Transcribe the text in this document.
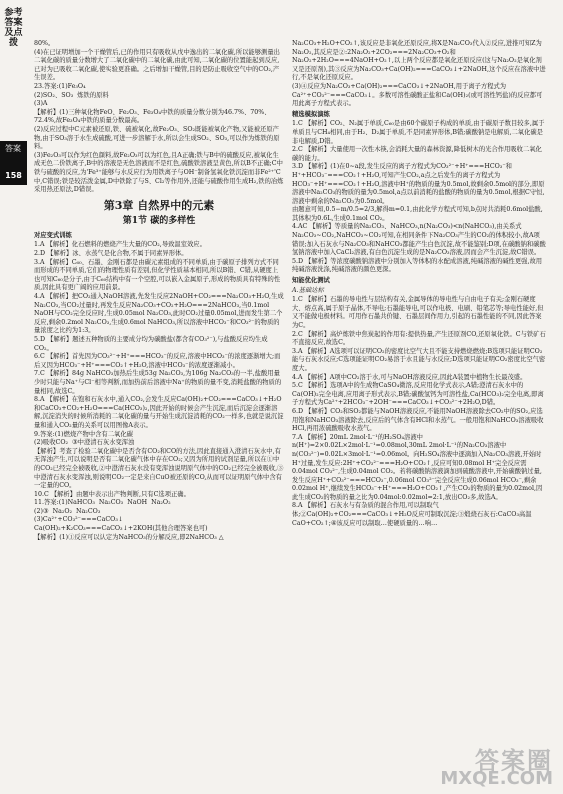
参考答案及点拨
答案
158

80%。

(4)在已证明增加一个干燥管后,已的作用只有吸收从戊中逸出的二氧化碳,所以能够测量出二氧化碳的质量分数增大了二氧化碳中的二氧化碳,由此可知,二氧化碳的位置能起到反应,已对为已吸收二氧化碳,使实验更准确。之后增加干燥管,目的是防止吸收空气中的CO₂,产生误差。

23.答案:(1)Fe₃O₄

(2)SO₂、SO₃  炼铁的原料

(3)A

【解析】(1)三种氧化物FeO、Fe₂O₃、Fe₃O₄中铁的质量分数分别为46.7%、70%、72.4%,故Fe₃O₄中铁的质量分数最高。

(2)反应过程中C元素被还原,铁、硫被氧化,故Fe₂O₃、SO₂既能被氧化产物,又能被还原产物,由于SO₃溶于水生成硫酸,可进一步溶解于水,所以会生成SO₂、SO₃,可以作为炼铁的原料。

(3)Fe₂O₃可以作为红色颜料,故Fe₂O₃可以为红色,且A正确;铁与B中的硫酸反应,被氧化生成无色二价铁离子,B中的溶液是无色溶液而不是红色,硫酸铁溶液呈黄色,所以B不正确;C中铁与硫酸的反应,为'Fe³⁺能够与水反应行为用铁离子与OH⁻制备氢氧化铁沉淀而非Fe²⁺'C中,C错误;铁是较活泼金属,D中铁除了与S、Cl₂等作用外,还能与硫酸作用生成H₂,铁的冶炼采用热还原法,D错误。

第3章 自然界中的元素
第1节 碳的多样性
对应变式训练

1.A 【解析】化石燃料的燃烧产生大量的CO₂,导致温室效应。

2.D 【解析】冰、水蒸气是化合物,不属于同素异形体。

3.A 【解析】C₆₀、石墨、金刚石都是由碳元素组成的不同单质,由于碳原子排列方式不同而形成的不同单质,它们的物理性质有差别,但化学性质基本相同,所以B错、C错,从硬度上也可知C₆₀是分子,由于C₆₀结构中有一个空腔,可以嵌入金属原子,形成的物质具有特殊的性质,因此具有更广阔的应用前景。

4.A 【解析】把CO₂通入NaOH溶液,先发生反应2NaOH+CO₂===Na₂CO₃+H₂O,生成Na₂CO₃,当CO₂过量时,再发生反应Na₂CO₃+CO₂+H₂O===2NaHCO₃,当0.1mol NaOH与CO₂完全反应时,生成0.05mol Na₂CO₃,此时CO₂过量0.05mol,进而发生第二个反应,剩余0.2mol Na₂CO₃,生成0.6mol NaHCO₃,所以溶液中HCO₃⁻和CO₃²⁻的物质的量浓度之比约为1:3。

5.D 【解析】题述五种物质的主要成分均为碳酸盐(都含有CO₃²⁻),与盐酸反应均生成CO₂。

6.C 【解析】首先因为CO₃²⁻+H⁺===HCO₃⁻的反应,溶液中HCO₃⁻的浓度逐渐增大;而后又因为HCO₃⁻+H⁺===CO₂↑+H₂O,溶液中HCO₃⁻的浓度逐渐减小。

7.C 【解析】84g NaHCO₃加热后生成53g Na₂CO₃,为106g Na₂CO₃的一半,盐酸用量少时只能与Na⁺与Cl⁻相等判断,而加热前后溶液中Na⁺的物质的量不变,消耗盐酸的物质的量相同,故选C。

8.A 【解析】在饱和石灰水中,通入CO₂,会发生反应Ca(OH)₂+CO₂===CaCO₃↓+H₂O和CaCO₃+CO₂+H₂O===Ca(HCO₃)₂,因此开始的时候会产生沉淀,而后沉淀会逐渐溶解,沉淀消失的时候所消耗的二氧化碳的量与开始生成沉淀消耗的CO₂一样多,也就是说沉淀量和通入CO₂量的关系可以用图像A表示。

9.答案:(1)燃烧产物中含有二氧化碳

(2)吸收CO₂  ③中澄清石灰水变浑浊

【解析】考查了检验二氧化碳中是否含有CO₂和CO的方法,因此直接通入澄清石灰水中,有无浑浊产生,可以说明是否有二氧化碳气体中存在CO₂;又因为所用的试剂足量,所以在①中的CO₂已经完全被吸收,②中澄清石灰水没有变浑浊说明原气体中的CO₂已经完全被吸收,③中澄清石灰水变浑浊,则说明CO₂一定是来自CuO被还原的CO,从而可以证明原气体中含有一定量的CO。

10.C 【解析】由题中表示出产物判断,只有C选项正确。

11.答案:(1)NaHCO₃  Na₂CO₃  NaOH  Na₂O₂

(2)③  Na₂O₂  Na₂CO₃

(3)Ca²⁺+CO₃²⁻===CaCO₃↓

Ca(OH)₂+K₂CO₃===CaCO₃↓+2KOH(其他合理答案也可)

【解析】(1)①反应可以认定为NaHCO₃的分解反应,即2NaHCO₃ △

Na₂CO₃+H₂O+CO₂↑,该反应是非氧化还原反应,将X是Na₂CO₃代入②反应,进推可知Z为Na₂O₂,其反应是②:2Na₂O₂+2CO₂===2Na₂CO₃+O₂和Na₂O₂+2H₂O===4NaOH+O₂↑,以上两个反应都是氧化还原反应(这与Na₂O₂是氧化剂又是还原剂),其③反应为Na₂CO₃+Ca(OH)₂===CaCO₃↓+2NaOH,这个反应在溶液中进行,不是氧化还原反应。

(3)④反应为Na₂CO₃+Ca(OH)₂===CaCO₃↓+2NaOH,用于离子方程式为Ca²⁺+CO₃²⁻===CaCO₃↓。多数可溶性碳酸正盐和Ca(OH)₂(或可溶性钙盐)的反应都可用此离子方程式表示。

精选模拟演练

1.C 【解析】CO₂、N₂属于单质,C₆₀是由60个碳原子构成的单质,由于碳原子数目较多,属于单质且与CH₄相同,由于H₂、D₂属于单质,不是同素异形体,B错;碳酸钠是电解质,二氧化碳是非电解质,D错。

2.C 【解析】大量使用一次性木筷,会消耗大量的森林资源,降低树木的光合作用吸收二氧化碳的能力。

3.D 【解析】(1)在0~a段,发生反应的离子方程式为CO₃²⁻+H⁺===HCO₃⁻和H⁺+HCO₃⁻===CO₂↑+H₂O,可知产生CO₂,a点之后发生的离子方程式为HCO₃⁻+H⁺===CO₂↑+H₂O,溶液中H⁺的物质的量为0.5mol,故剩余0.5mol的部分,即原溶液中Na₂CO₃的物质的量为0.5mol,a点以前消耗的盐酸的物质的量为0.5mol,根据C守恒,溶液中剩余的Na₂CO₃为0.5mol。

由题意可知,0.5−m/0.5=2/3,解得m=0.1,由此化学方程式可知,b点时共消耗0.6mol盐酸,其体积为0.6L,生成0.1mol CO₂。

4.AC 【解析】等质量的Na₂CO₃、NaHCO₃,n(Na₂CO₃)<n(NaHCO₃),由关系式Na₂CO₃~CO₂,NaHCO₃~CO₂可知,在相同条件下Na₂CO₃产生的CO₂的体积较小,故A项错误;加入石灰水与Na₂CO₃和NaHCO₃都能产生白色沉淀,故不能鉴别;D项,在碳酸钠和碳酸氢钠溶液中加入CaCl₂溶液,有白色沉淀生成的是Na₂CO₃溶液,因而会产生沉淀,故C错误。

5.D 【解析】等浓度碳酸钠溶液中分别加入等体积的水配成溶液,纯碱溶液的碱性更强,故用纯碱溶液洗涤,纯碱溶液的颜色更深。

知能优化测试
A.基础达标

1.C 【解析】石墨的导电性与层结构有关,金属导体的导电性与自由电子有关;金刚石硬度大、熔点高,属于原子晶体,不导电;石墨能导电,可以作电极、电刷、铅笔芯等;导电性能好,但又不能做电极材料。可用作石墨共价键、石墨层间作用力,引起的石墨性能的不同,因此答案为C。

2.C 【解析】高炉炼铁中焦炭起的作用有:提供热量,产生还原剂CO,还原氧化铁。C与铁矿石不直接反应,故选C。

3.A 【解析】A选项可以证明CO₂的密度比空气大且不能支持燃烧燃烧;B选项只能证明CO₂能与石灰水反应;C选项能证明CO₂易溶于水且能与水反应;D选项只能证明CO₂密度比空气密度大。

4.A 【解析】A项中CO₂溶于水,可与NaOH溶液反应,因此A装置中植物生长最茂盛。

5.C 【解析】选项A中的生成物CaSO₄微溶,反应用化学式表示,A错;澄清石灰水中的Ca(OH)₂完全电离,应用离子形式表示,B错;碳酸氢钙为可溶性盐,Ca(HCO₃)₂完全电离,即离子方程式为Ca²⁺+2HCO₃⁻+2OH⁻===CaCO₃↓+CO₃²⁻+2H₂O,D错。

6.D 【解析】CO₂和SO₂都能与NaOH溶液反应,不能用NaOH溶液除去CO₂中的SO₂,应选用饱和NaHCO₃溶液除去,反应后的气体含有HCl和水蒸气。一般用饱和NaHCO₃溶液吸收HCl,再用浓硫酸吸收水蒸气。

7.A 【解析】20mL 2mol·L⁻¹的H₂SO₄溶液中n(H⁺)=2×0.02L×2mol·L⁻¹=0.08mol,30mL 2mol·L⁻¹的Na₂CO₃溶液中n(CO₃²⁻)=0.02L×3mol·L⁻¹=0.06mol。向H₂SO₄溶液中逐滴加入Na₂CO₃溶液,开始时H⁺过量,发生反应:2H⁺+CO₃²⁻===H₂O+CO₂↑,反应可知0.08mol H⁺完全反应需0.04mol CO₃²⁻,生成0.04mol CO₂。若将碳酸钠溶液滴加到硫酸溶液中,开始碳酸钠过量,发生反应H⁺+CO₃²⁻===HCO₃⁻,0.06mol CO₃²⁻完全反应生成0.06mol HCO₃⁻,剩余0.02mol H⁺,继续发生HCO₃⁻+H⁺===H₂O+CO₂↑,产生CO₂的物质的量为0.02mol,因此生成CO₂的物质的量之比为0.04mol:0.02mol=2:1,放出CO₂多,故选A。

8.A 【解析】石灰水与有杂质的混合作用,可以制取气体;②Ca(OH)₂+CO₂===CaCO₃↓+H₂O反应可制取沉淀;③煅烧石灰石:CaCO₃高温CaO+CO₂↑;④该反应可以制取…使硬质量的…响…

答案圈
MXQE.COM
